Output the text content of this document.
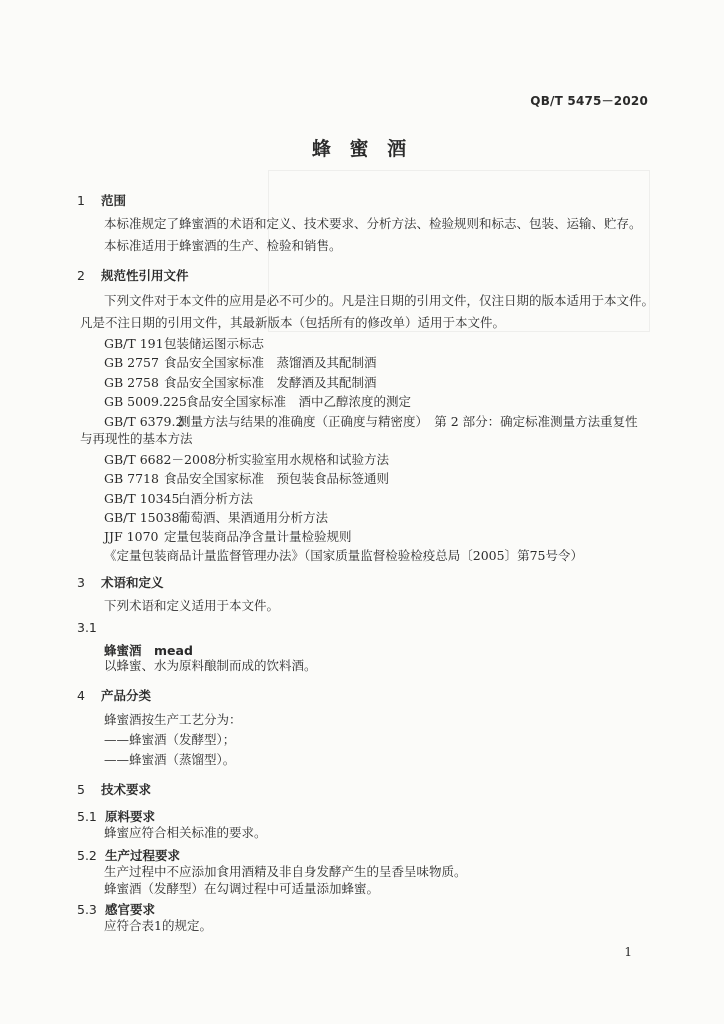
QB/T 5475－2020
蜂 蜜 酒
1 范围
本标准规定了蜂蜜酒的术语和定义、技术要求、分析方法、检验规则和标志、包装、运输、贮存。
本标准适用于蜂蜜酒的生产、检验和销售。
2 规范性引用文件
下列文件对于本文件的应用是必不可少的。凡是注日期的引用文件，仅注日期的版本适用于本文件。
凡是不注日期的引用文件，其最新版本（包括所有的修改单）适用于本文件。
GB/T 191包装储运图示标志
GB 2757 食品安全国家标准　蒸馏酒及其配制酒
GB 2758 食品安全国家标准　发酵酒及其配制酒
GB 5009.225食品安全国家标准　酒中乙醇浓度的测定
GB/T 6379.2测量方法与结果的准确度（正确度与精密度）　第 2 部分：确定标准测量方法重复性
与再现性的基本方法
GB/T 6682－2008分析实验室用水规格和试验方法
GB 7718 食品安全国家标准　预包装食品标签通则
GB/T 10345白酒分析方法
GB/T 15038葡萄酒、果酒通用分析方法
JJF 1070 定量包装商品净含量计量检验规则
《定量包装商品计量监督管理办法》（国家质量监督检验检疫总局〔2005〕第75号令）
3 术语和定义
下列术语和定义适用于本文件。
3.1
蜂蜜酒　mead
以蜂蜜、水为原料酿制而成的饮料酒。
4 产品分类
蜂蜜酒按生产工艺分为：
——蜂蜜酒（发酵型）；
——蜂蜜酒（蒸馏型）。
5 技术要求
5.1 原料要求
蜂蜜应符合相关标准的要求。
5.2 生产过程要求
生产过程中不应添加食用酒精及非自身发酵产生的呈香呈味物质。
蜂蜜酒（发酵型）在勾调过程中可适量添加蜂蜜。
5.3 感官要求
应符合表1的规定。
1
